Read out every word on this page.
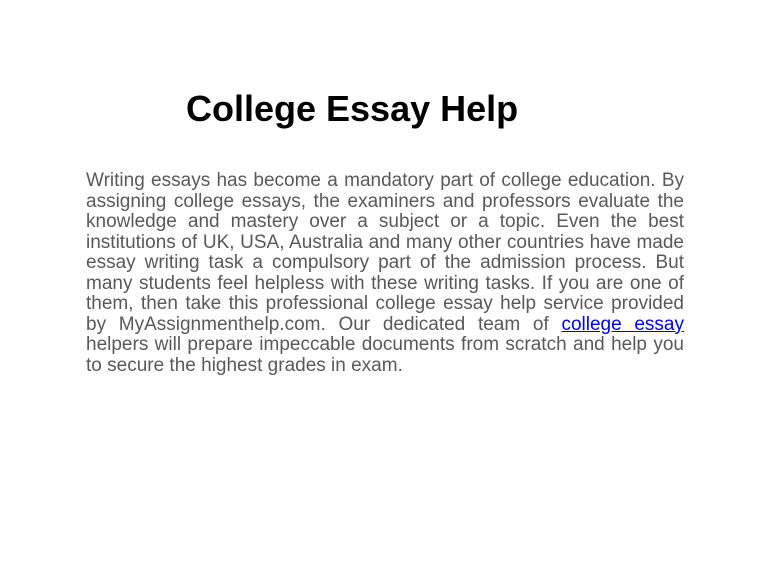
College Essay Help

Writing essays has become a mandatory part of college education. By assigning college essays, the examiners and professors evaluate the knowledge and mastery over a subject or a topic. Even the best institutions of UK, USA, Australia and many other countries have made essay writing task a compulsory part of the admission process. But many students feel helpless with these writing tasks. If you are one of them, then take this professional college essay help service provided by MyAssignmenthelp.com. Our dedicated team of college essay helpers will prepare impeccable documents from scratch and help you to secure the highest grades in exam.
